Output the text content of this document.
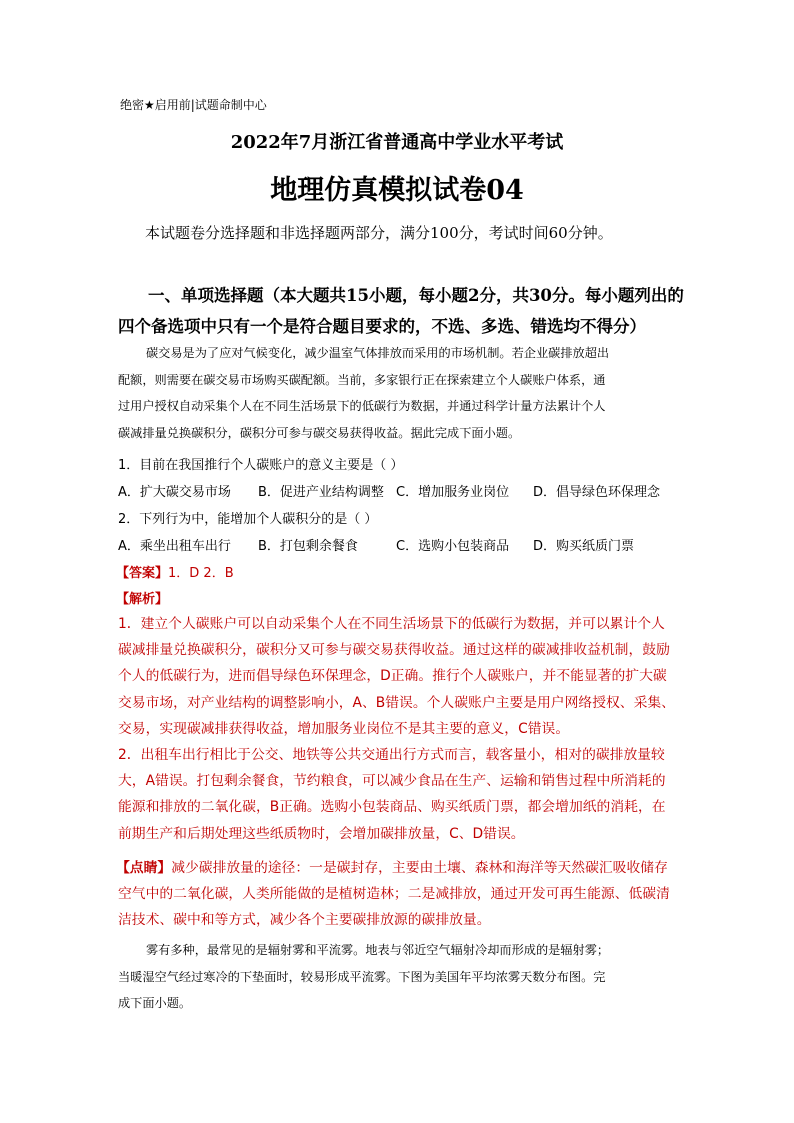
绝密★启用前|试题命制中心
2022年7月浙江省普通高中学业水平考试
地理仿真模拟试卷04
本试题卷分选择题和非选择题两部分，满分100分，考试时间60分钟。
一、单项选择题（本大题共15小题，每小题2分，共30分。每小题列出的
四个备选项中只有一个是符合题目要求的，不选、多选、错选均不得分）
碳交易是为了应对气候变化，减少温室气体排放而采用的市场机制。若企业碳排放超出
配额，则需要在碳交易市场购买碳配额。当前，多家银行正在探索建立个人碳账户体系，通
过用户授权自动采集个人在不同生活场景下的低碳行为数据，并通过科学计量方法累计个人
碳减排量兑换碳积分，碳积分可参与碳交易获得收益。据此完成下面小题。
1．目前在我国推行个人碳账户的意义主要是（ ）
A．扩大碳交易市场 B．促进产业结构调整 C．增加服务业岗位 D．倡导绿色环保理念
2．下列行为中，能增加个人碳积分的是（ ）
A．乘坐出租车出行 B．打包剩余餐食	C．选购小包装商品 D．购买纸质门票
【答案】1．D 2．B
【解析】
1．建立个人碳账户可以自动采集个人在不同生活场景下的低碳行为数据，并可以累计个人
碳减排量兑换碳积分，碳积分又可参与碳交易获得收益。通过这样的碳减排收益机制，鼓励
个人的低碳行为，进而倡导绿色环保理念，D正确。推行个人碳账户，并不能显著的扩大碳
交易市场，对产业结构的调整影响小，A、B错误。个人碳账户主要是用户网络授权、采集、
交易，实现碳减排获得收益，增加服务业岗位不是其主要的意义，C错误。
2．出租车出行相比于公交、地铁等公共交通出行方式而言，载客量小，相对的碳排放量较
大，A错误。打包剩余餐食，节约粮食，可以减少食品在生产、运输和销售过程中所消耗的
能源和排放的二氧化碳，B正确。选购小包装商品、购买纸质门票，都会增加纸的消耗，在
前期生产和后期处理这些纸质物时，会增加碳排放量，C、D错误。
【点睛】减少碳排放量的途径：一是碳封存，主要由土壤、森林和海洋等天然碳汇吸收储存
空气中的二氧化碳，人类所能做的是植树造林；二是减排放，通过开发可再生能源、低碳清
洁技术、碳中和等方式，减少各个主要碳排放源的碳排放量。
雾有多种，最常见的是辐射雾和平流雾。地表与邻近空气辐射冷却而形成的是辐射雾；
当暖湿空气经过寒冷的下垫面时，较易形成平流雾。下图为美国年平均浓雾天数分布图。完
成下面小题。
